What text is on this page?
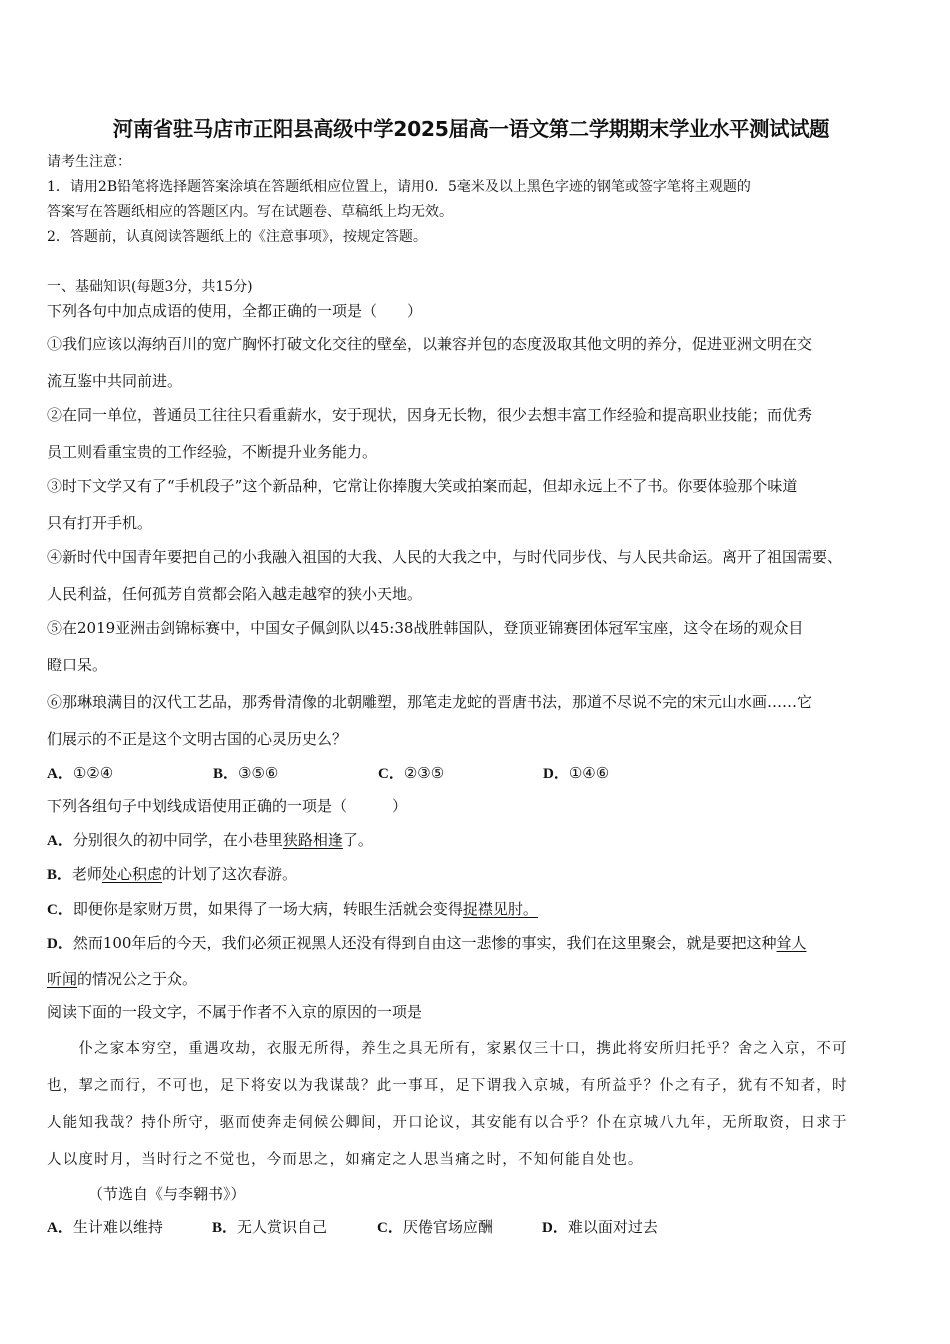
河南省驻马店市正阳县高级中学2025届高一语文第二学期期末学业水平测试试题
请考生注意：
1．请用2B铅笔将选择题答案涂填在答题纸相应位置上，请用0．5毫米及以上黑色字迹的钢笔或签字笔将主观题的
答案写在答题纸相应的答题区内。写在试题卷、草稿纸上均无效。
2．答题前，认真阅读答题纸上的《注意事项》，按规定答题。
一、基础知识(每题3分，共15分)
下列各句中加点成语的使用，全都正确的一项是（　　）
①我们应该以海纳百川的宽广胸怀打破文化交往的壁垒，以兼容并包的态度汲取其他文明的养分，促进亚洲文明在交
流互鉴中共同前进。
②在同一单位，普通员工往往只看重薪水，安于现状，因身无长物，很少去想丰富工作经验和提高职业技能；而优秀
员工则看重宝贵的工作经验，不断提升业务能力。
③时下文学又有了“手机段子”这个新品种，它常让你捧腹大笑或拍案而起，但却永远上不了书。你要体验那个味道
只有打开手机。
④新时代中国青年要把自己的小我融入祖国的大我、人民的大我之中，与时代同步伐、与人民共命运。离开了祖国需要、
人民利益，任何孤芳自赏都会陷入越走越窄的狭小天地。
⑤在2019亚洲击剑锦标赛中，中国女子佩剑队以45:38战胜韩国队，登顶亚锦赛团体冠军宝座，这令在场的观众目
瞪口呆。
⑥那琳琅满目的汉代工艺品，那秀骨清像的北朝雕塑，那笔走龙蛇的晋唐书法，那道不尽说不完的宋元山水画……它
们展示的不正是这个文明古国的心灵历史么？
A．①②④	B．③⑤⑥	C．②③⑤	D．①④⑥
下列各组句子中划线成语使用正确的一项是（　　　）
A．分别很久的初中同学，在小巷里狭路相逢了。
B．老师处心积虑的计划了这次春游。
C．即便你是家财万贯，如果得了一场大病，转眼生活就会变得捉襟见肘。
D．然而100年后的今天，我们必须正视黑人还没有得到自由这一悲惨的事实，我们在这里聚会，就是要把这种耸人
听闻的情况公之于众。
阅读下面的一段文字，不属于作者不入京的原因的一项是
　　仆之家本穷空，重遇攻劫，衣服无所得，养生之具无所有，家累仅三十口，携此将安所归托乎？舍之入京，不可
也，挈之而行，不可也，足下将安以为我谋哉？此一事耳，足下谓我入京城，有所益乎？仆之有子，犹有不知者，时
人能知我哉？持仆所守，驱而使奔走伺候公卿间，开口论议，其安能有以合乎？仆在京城八九年，无所取资，日求于
人以度时月，当时行之不觉也，今而思之，如痛定之人思当痛之时，不知何能自处也。
（节选自《与李翱书》）
A．生计难以维持	B．无人赏识自己	C．厌倦官场应酬	D．难以面对过去
